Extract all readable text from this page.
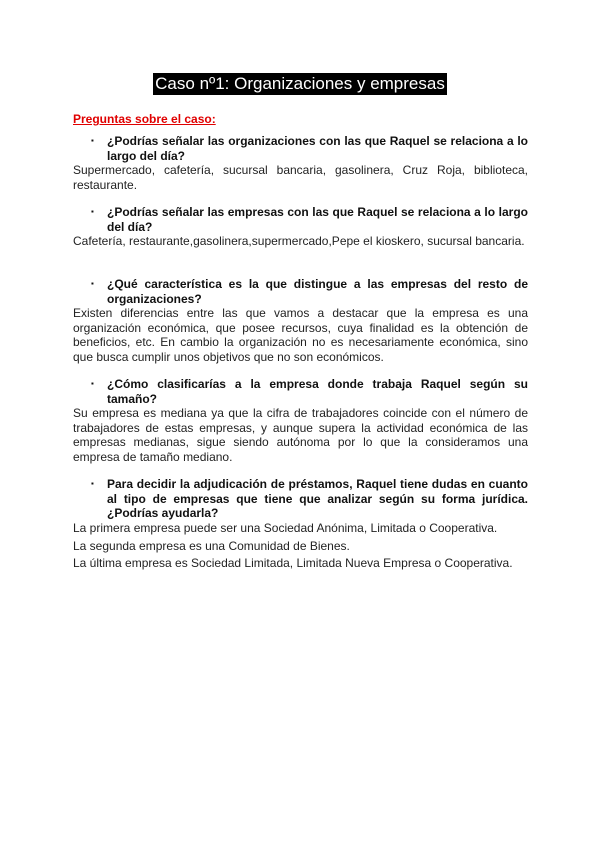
Caso nº1: Organizaciones y empresas
Preguntas sobre el caso:
▪ ¿Podrías señalar las organizaciones con las que Raquel se relaciona a lo largo del día?
Supermercado, cafetería, sucursal bancaria, gasolinera, Cruz Roja, biblioteca, restaurante.
▪ ¿Podrías señalar las empresas con las que Raquel se relaciona a lo largo del día?
Cafetería, restaurante,gasolinera,supermercado,Pepe el kioskero, sucursal bancaria.
▪ ¿Qué característica es la que distingue a las empresas del resto de organizaciones?
Existen diferencias entre las que vamos a destacar que la empresa es una organización económica, que posee recursos, cuya finalidad es la obtención de beneficios, etc. En cambio la organización no es necesariamente económica, sino que busca cumplir unos objetivos que no son económicos.
▪ ¿Cómo clasificarías a la empresa donde trabaja Raquel según su tamaño?
Su empresa es mediana ya que la cifra de trabajadores coincide con el número de trabajadores de estas empresas, y aunque supera la actividad económica de las empresas medianas, sigue siendo autónoma por lo que la consideramos una empresa de tamaño mediano.
▪ Para decidir la adjudicación de préstamos, Raquel tiene dudas en cuanto al tipo de empresas que tiene que analizar según su forma jurídica. ¿Podrías ayudarla?
La primera empresa puede ser una Sociedad Anónima, Limitada o Cooperativa.
La segunda empresa es una Comunidad de Bienes.
La última empresa es Sociedad Limitada, Limitada Nueva Empresa o Cooperativa.
